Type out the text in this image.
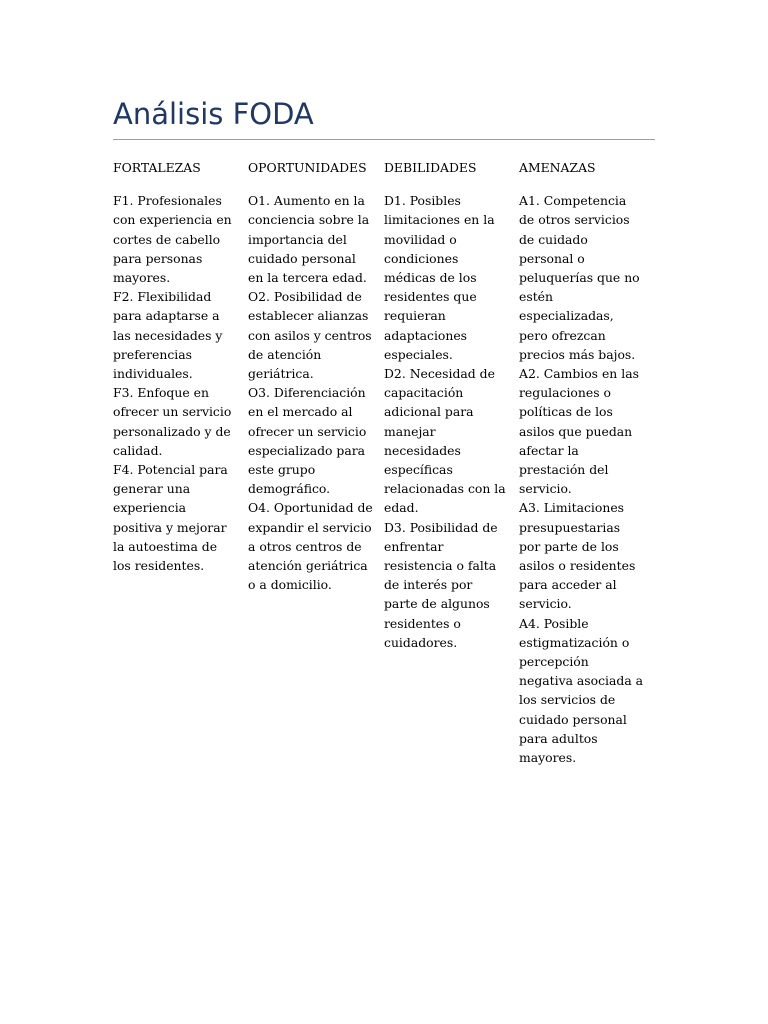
Análisis FODA
FORTALEZAS

F1. Profesionales con experiencia en cortes de cabello para personas mayores.

F2. Flexibilidad para adaptarse a las necesidades y preferencias individuales.

F3. Enfoque en ofrecer un servicio personalizado y de calidad.

F4. Potencial para generar una experiencia positiva y mejorar la autoestima de los residentes.

OPORTUNIDADES

O1. Aumento en la conciencia sobre la importancia del cuidado personal en la tercera edad.

O2. Posibilidad de establecer alianzas con asilos y centros de atención geriátrica.

O3. Diferenciación en el mercado al ofrecer un servicio especializado para este grupo demográfico.

O4. Oportunidad de expandir el servicio a otros centros de atención geriátrica o a domicilio.

DEBILIDADES

D1. Posibles limitaciones en la movilidad o condiciones médicas de los residentes que requieran adaptaciones especiales.

D2. Necesidad de capacitación adicional para manejar necesidades específicas relacionadas con la edad.

D3. Posibilidad de enfrentar resistencia o falta de interés por parte de algunos residentes o cuidadores.

AMENAZAS

A1. Competencia de otros servicios de cuidado personal o peluquerías que no estén especializadas, pero ofrezcan precios más bajos.

A2. Cambios en las regulaciones o políticas de los asilos que puedan afectar la prestación del servicio.

A3. Limitaciones presupuestarias por parte de los asilos o residentes para acceder al servicio.

A4. Posible estigmatización o percepción negativa asociada a los servicios de cuidado personal para adultos mayores.
